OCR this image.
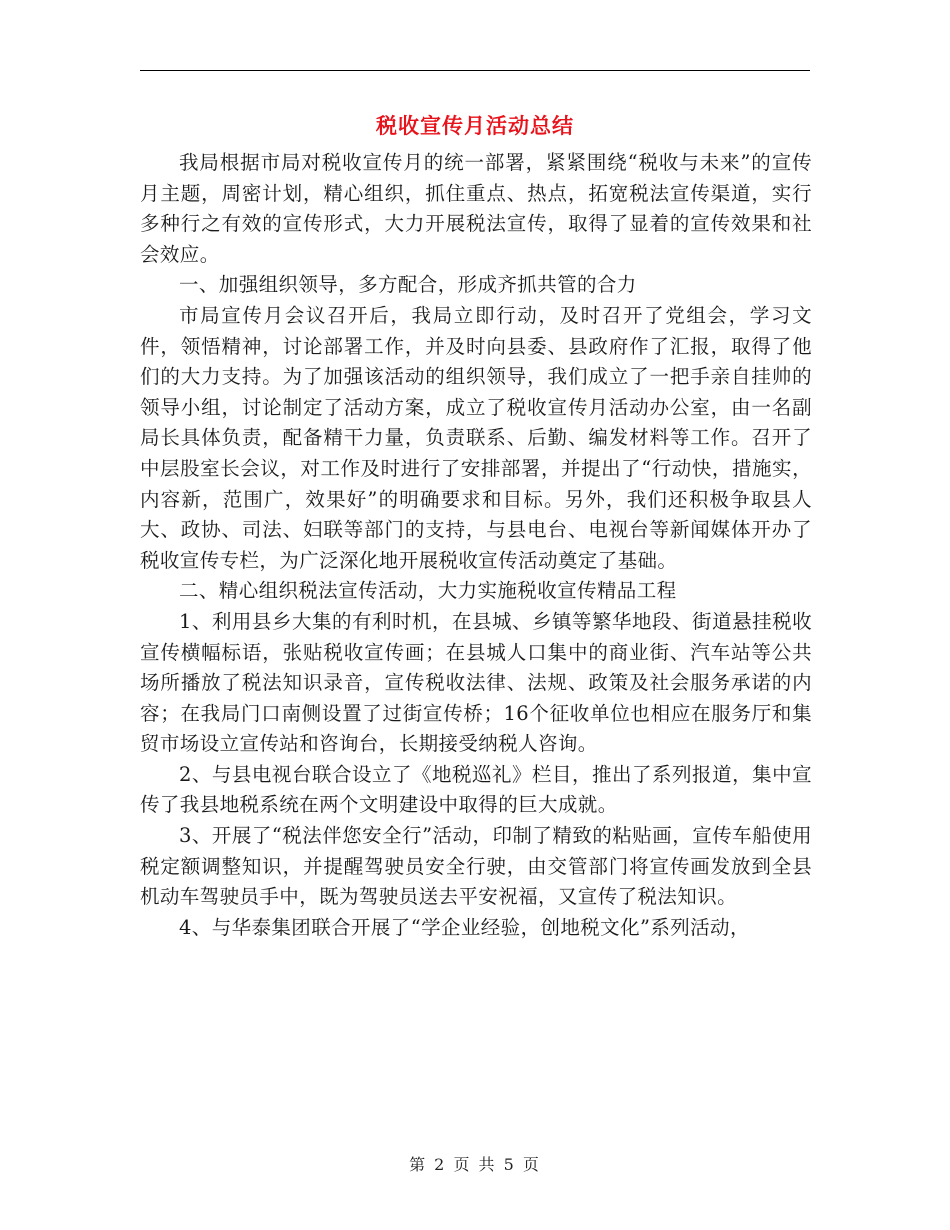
税收宣传月活动总结

我局根据市局对税收宣传月的统一部署，紧紧围绕“税收与未来”的宣传月主题，周密计划，精心组织，抓住重点、热点，拓宽税法宣传渠道，实行多种行之有效的宣传形式，大力开展税法宣传，取得了显着的宣传效果和社会效应。

一、加强组织领导，多方配合，形成齐抓共管的合力

市局宣传月会议召开后，我局立即行动，及时召开了党组会，学习文件，领悟精神，讨论部署工作，并及时向县委、县政府作了汇报，取得了他们的大力支持。为了加强该活动的组织领导，我们成立了一把手亲自挂帅的领导小组，讨论制定了活动方案，成立了税收宣传月活动办公室，由一名副局长具体负责，配备精干力量，负责联系、后勤、编发材料等工作。召开了中层股室长会议，对工作及时进行了安排部署，并提出了“行动快，措施实，内容新，范围广，效果好”的明确要求和目标。另外，我们还积极争取县人大、政协、司法、妇联等部门的支持，与县电台、电视台等新闻媒体开办了税收宣传专栏，为广泛深化地开展税收宣传活动奠定了基础。

二、精心组织税法宣传活动，大力实施税收宣传精品工程

1、利用县乡大集的有利时机，在县城、乡镇等繁华地段、街道悬挂税收宣传横幅标语，张贴税收宣传画；在县城人口集中的商业街、汽车站等公共场所播放了税法知识录音，宣传税收法律、法规、政策及社会服务承诺的内容；在我局门口南侧设置了过街宣传桥；16个征收单位也相应在服务厅和集贸市场设立宣传站和咨询台，长期接受纳税人咨询。

2、与县电视台联合设立了《地税巡礼》栏目，推出了系列报道，集中宣传了我县地税系统在两个文明建设中取得的巨大成就。

3、开展了“税法伴您安全行”活动，印制了精致的粘贴画，宣传车船使用税定额调整知识，并提醒驾驶员安全行驶，由交管部门将宣传画发放到全县机动车驾驶员手中，既为驾驶员送去平安祝福，又宣传了税法知识。

4、与华泰集团联合开展了“学企业经验，创地税文化”系列活动，

第 2 页 共 5 页
